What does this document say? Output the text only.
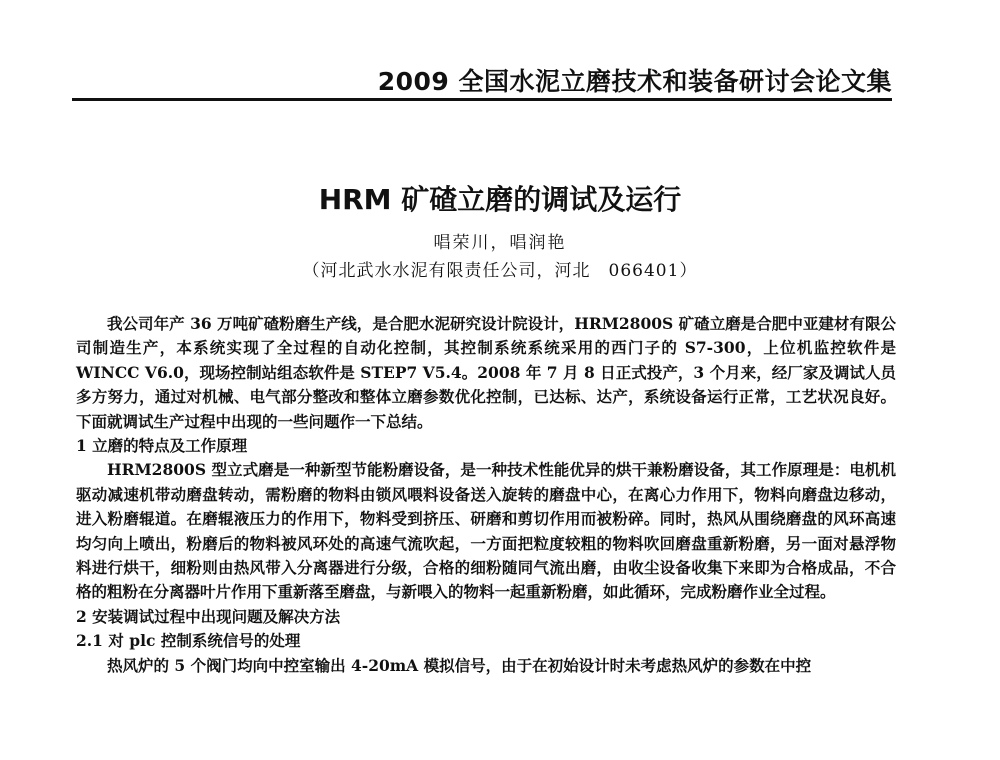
2009 全国水泥立磨技术和装备研讨会论文集
HRM 矿碴立磨的调试及运行
唱荣川，唱润艳
（河北武水水泥有限责任公司，河北　066401）

我公司年产 36 万吨矿碴粉磨生产线，是合肥水泥研究设计院设计，HRM2800S 矿碴立磨是合肥中亚建材有限公司制造生产，本系统实现了全过程的自动化控制，其控制系统系统采用的西门子的 S7-300，上位机监控软件是 WINCC V6.0，现场控制站组态软件是 STEP7 V5.4。2008 年 7 月 8 日正式投产，3 个月来，经厂家及调试人员多方努力，通过对机械、电气部分整改和整体立磨参数优化控制，已达标、达产，系统设备运行正常，工艺状况良好。下面就调试生产过程中出现的一些问题作一下总结。

1 立磨的特点及工作原理

HRM2800S 型立式磨是一种新型节能粉磨设备，是一种技术性能优异的烘干兼粉磨设备，其工作原理是：电机机驱动减速机带动磨盘转动，需粉磨的物料由锁风喂料设备送入旋转的磨盘中心，在离心力作用下，物料向磨盘边移动，进入粉磨辊道。在磨辊液压力的作用下，物料受到挤压、研磨和剪切作用而被粉碎。同时，热风从围绕磨盘的风环高速均匀向上喷出，粉磨后的物料被风环处的高速气流吹起，一方面把粒度较粗的物料吹回磨盘重新粉磨，另一面对悬浮物料进行烘干，细粉则由热风带入分离器进行分级，合格的细粉随同气流出磨，由收尘设备收集下来即为合格成品，不合格的粗粉在分离器叶片作用下重新落至磨盘，与新喂入的物料一起重新粉磨，如此循环，完成粉磨作业全过程。

2 安装调试过程中出现问题及解决方法
2.1 对 plc 控制系统信号的处理

热风炉的 5 个阀门均向中控室输出 4-20mA 模拟信号，由于在初始设计时未考虑热风炉的参数在中控
